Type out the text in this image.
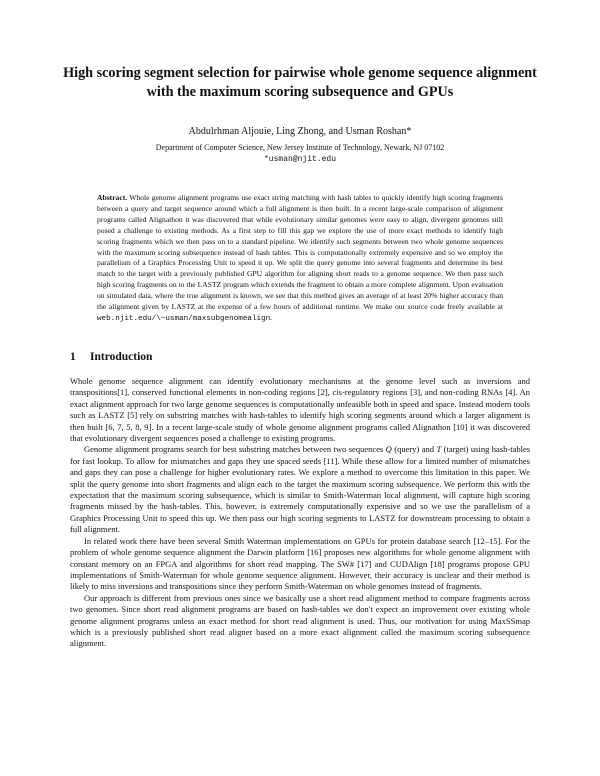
High scoring segment selection for pairwise whole genome sequence alignment with the maximum scoring subsequence and GPUs
Abdulrhman Aljouie, Ling Zhong, and Usman Roshan*
Department of Computer Science, New Jersey Institute of Technology, Newark, NJ 07102
*usman@njit.edu

Abstract. Whole genome alignment programs use exact string matching with hash tables to quickly identify high scoring fragments between a query and target sequence around which a full alignment is then built. In a recent large-scale comparison of alignment programs called Alignathon it was discovered that while evolutionary similar genomes were easy to align, divergent genomes still posed a challenge to existing methods. As a first step to fill this gap we explore the use of more exact methods to identify high scoring fragments which we then pass on to a standard pipeline. We identify such segments between two whole genome sequences with the maximum scoring subsequence instead of hash tables. This is computationally extremely expensive and so we employ the parallelism of a Graphics Processing Unit to speed it up. We split the query genome into several fragments and determine its best match to the target with a previously published GPU algorithm for aligning short reads to a genome sequence. We then pass such high scoring fragments on to the LASTZ program which extends the fragment to obtain a more complete alignment. Upon evaluation on simulated data, where the true alignment is known, we see that this method gives an average of at least 20% higher accuracy than the alignment given by LASTZ at the expense of a few hours of additional runtime. We make our source code freely available at web.njit.edu/\~usman/maxsubgenomealign.

1 Introduction

Whole genome sequence alignment can identify evolutionary mechanisms at the genome level such as inversions and transpositions[1], conserved functional elements in non-coding regions [2], cis-regulatory regions [3], and non-coding RNAs [4]. An exact alignment approach for two large genome sequences is computationally unfeasible both in speed and space. Instead modern tools such as LASTZ [5] rely on substring matches with hash-tables to identify high scoring segments around which a larger alignment is then built [6, 7, 5, 8, 9]. In a recent large-scale study of whole genome alignment programs called Alignathon [10] it was discovered that evolutionary divergent sequences posed a challenge to existing programs.

Genome alignment programs search for best substring matches between two sequences Q (query) and T (target) using hash-tables for fast lookup. To allow for mismatches and gaps they use spaced seeds [11]. While these allow for a limited number of mismatches and gaps they can pose a challenge for higher evolutionary rates. We explore a method to overcome this limitation in this paper. We split the query genome into short fragments and align each to the target the maximum scoring subsequence. We perform this with the expectation that the maximum scoring subsequence, which is similar to Smith-Waterman local alignment, will capture high scoring fragments missed by the hash-tables. This, however, is extremely computationally expensive and so we use the parallelism of a Graphics Processing Unit to speed this up. We then pass our high scoring segments to LASTZ for downstream processing to obtain a full alignment.

In related work there have been several Smith Waterman implementations on GPUs for protein database search [12–15]. For the problem of whole genome sequence alignment the Darwin platform [16] proposes new algorithms for whole genome alignment with constant memory on an FPGA and algorithms for short read mapping. The SW# [17] and CUDAlign [18] programs propose GPU implementations of Smith-Waterman for whole genome sequence alignment. However, their accuracy is unclear and their method is likely to miss inversions and transpositions since they perform Smith-Waterman on whole genomes instead of fragments.

Our approach is different from previous ones since we basically use a short read alignment method to compare fragments across two genomes. Since short read alignment programs are based on hash-tables we don't expect an improvement over existing whole genome alignment programs unless an exact method for short read alignment is used. Thus, our motivation for using MaxSSmap which is a previously published short read aligner based on a more exact alignment called the maximum scoring subsequence alignment.
